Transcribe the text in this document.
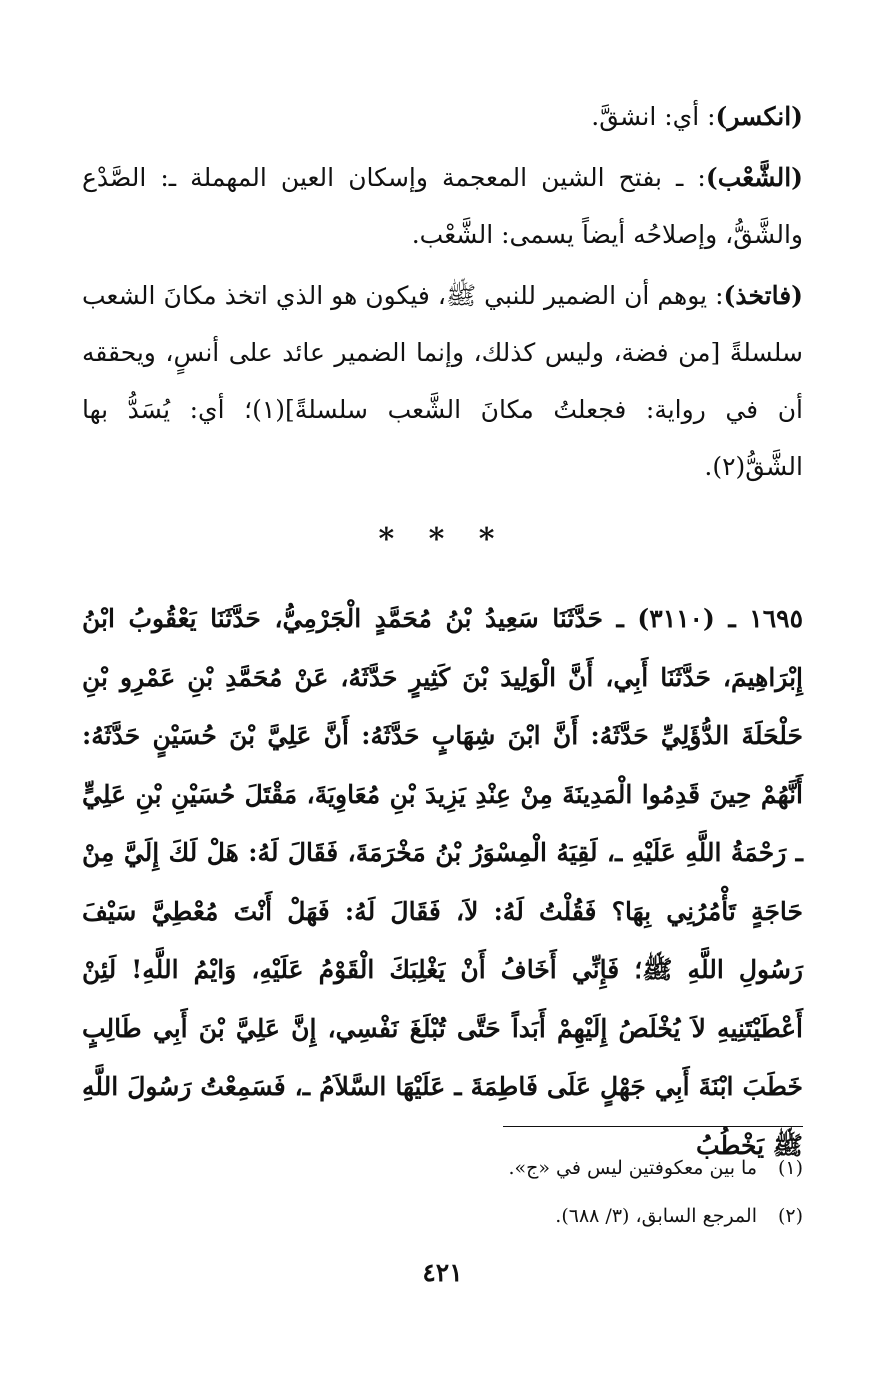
(انكسر): أي: انشقَّ.

(الشَّعْب): ـ بفتح الشين المعجمة وإسكان العين المهملة ـ: الصَّدْع والشَّقُّ، وإصلاحُه أيضاً يسمى: الشَّعْب.

(فاتخذ): يوهم أن الضمير للنبي ﷺ، فيكون هو الذي اتخذ مكانَ الشعب سلسلةً [من فضة، وليس كذلك، وإنما الضمير عائد على أنسٍ، ويحققه أن في رواية: فجعلتُ مكانَ الشَّعب سلسلةً](١)؛ أي: يُسَدُّ بها الشَّقُّ(٢).

* * *

١٦٩٥ ـ (٣١١٠) ـ حَدَّثَنَا سَعِيدُ بْنُ مُحَمَّدٍ الْجَرْمِيُّ، حَدَّثَنَا يَعْقُوبُ ابْنُ إِبْرَاهِيمَ، حَدَّثَنَا أَبِي، أَنَّ الْوَلِيدَ بْنَ كَثِيرٍ حَدَّثَهُ، عَنْ مُحَمَّدِ بْنِ عَمْرِو بْنِ حَلْحَلَةَ الدُّؤَلِيِّ حَدَّثَهُ: أَنَّ ابْنَ شِهَابٍ حَدَّثَهُ: أَنَّ عَلِيَّ بْنَ حُسَيْنٍ حَدَّثَهُ: أَنَّهُمْ حِينَ قَدِمُوا الْمَدِينَةَ مِنْ عِنْدِ يَزِيدَ بْنِ مُعَاوِيَةَ، مَقْتَلَ حُسَيْنِ بْنِ عَلِيٍّ ـ رَحْمَةُ اللَّهِ عَلَيْهِ ـ، لَقِيَهُ الْمِسْوَرُ بْنُ مَخْرَمَةَ، فَقَالَ لَهُ: هَلْ لَكَ إِلَيَّ مِنْ حَاجَةٍ تَأْمُرُنِي بِهَا؟ فَقُلْتُ لَهُ: لاَ، فَقَالَ لَهُ: فَهَلْ أَنْتَ مُعْطِيَّ سَيْفَ رَسُولِ اللَّهِ ﷺ؛ فَإِنِّي أَخَافُ أَنْ يَغْلِبَكَ الْقَوْمُ عَلَيْهِ، وَايْمُ اللَّهِ! لَئِنْ أَعْطَيْتَنِيهِ لاَ يُخْلَصُ إِلَيْهِمْ أَبَداً حَتَّى تُبْلَغَ نَفْسِي، إِنَّ عَلِيَّ بْنَ أَبِي طَالِبٍ خَطَبَ ابْنَةَ أَبِي جَهْلٍ عَلَى فَاطِمَةَ ـ عَلَيْهَا السَّلاَمُ ـ، فَسَمِعْتُ رَسُولَ اللَّهِ ﷺ يَخْطُبُ

(١)
ما بين معكوفتين ليس في «ج».
(٢)
المرجع السابق، (٣/ ٦٨٨).
٤٢١
